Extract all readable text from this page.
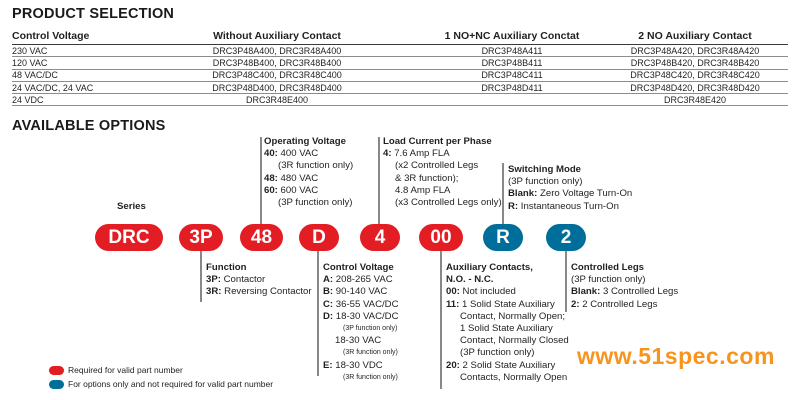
PRODUCT SELECTION
Control Voltage	Without Auxiliary Contact	1 NO+NC Auxiliary Conctat	2 NO Auxiliary Contact
230 VAC	DRC3P48A400, DRC3R48A400	DRC3P48A411	DRC3P48A420, DRC3R48A420
120 VAC	DRC3P48B400, DRC3R48B400	DRC3P48B411	DRC3P48B420, DRC3R48B420
48 VAC/DC	DRC3P48C400, DRC3R48C400	DRC3P48C411	DRC3P48C420, DRC3R48C420
24 VAC/DC, 24 VAC	DRC3P48D400, DRC3R48D400	DRC3P48D411	DRC3P48D420, DRC3R48D420
24 VDC	DRC3R48E400		DRC3R48E420
AVAILABLE OPTIONS
Series
DRC	3P	48	D	4	00	R	2
Operating Voltage
40: 400 VAC
(3R function only)
48: 480 VAC
60: 600 VAC
(3P function only)
Load Current per Phase
4: 7.6 Amp FLA
(x2 Controlled Legs
& 3R function);
4.8 Amp FLA
(x3 Controlled Legs only)
Switching Mode
(3P function only)
Blank: Zero Voltage Turn-On
R: Instantaneous Turn-On
Function
3P: Contactor
3R: Reversing Contactor
Control Voltage
A: 208-265 VAC
B: 90-140 VAC
C: 36-55 VAC/DC
D: 18-30 VAC/DC
(3P function only)
18-30 VAC
(3R function only)
E: 18-30 VDC
(3R function only)
Auxiliary Contacts,
N.O. - N.C.
00: Not included
11: 1 Solid State Auxiliary
Contact, Normally Open;
1 Solid State Auxiliary
Contact, Normally Closed
(3P function only)
20: 2 Solid State Auxiliary
Contacts, Normally Open
Controlled Legs
(3P function only)
Blank: 3 Controlled Legs
2: 2 Controlled Legs
Required for valid part number
For options only and not required for valid part number
www.51spec.com
